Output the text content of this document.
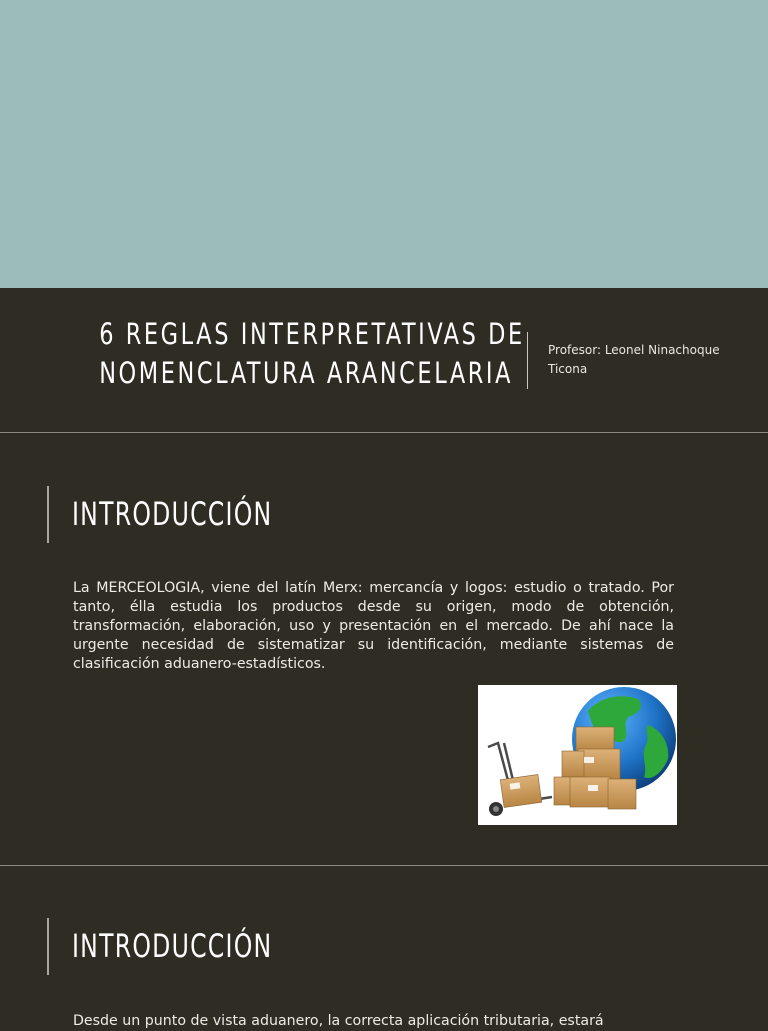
6 REGLAS INTERPRETATIVAS DE
NOMENCLATURA ARANCELARIA
Profesor: Leonel Ninachoque Ticona
INTRODUCCIÓN
La MERCEOLOGIA, viene del latín Merx: mercancía y logos: estudio o tratado. Por tanto, élla estudia los productos desde su origen, modo de obtención, transformación, elaboración, uso y presentación en el mercado. De ahí nace la urgente necesidad de sistematizar su identificación, mediante sistemas de clasificación aduanero-estadísticos.
INTRODUCCIÓN
Desde un punto de vista aduanero, la correcta aplicación tributaria, estará
